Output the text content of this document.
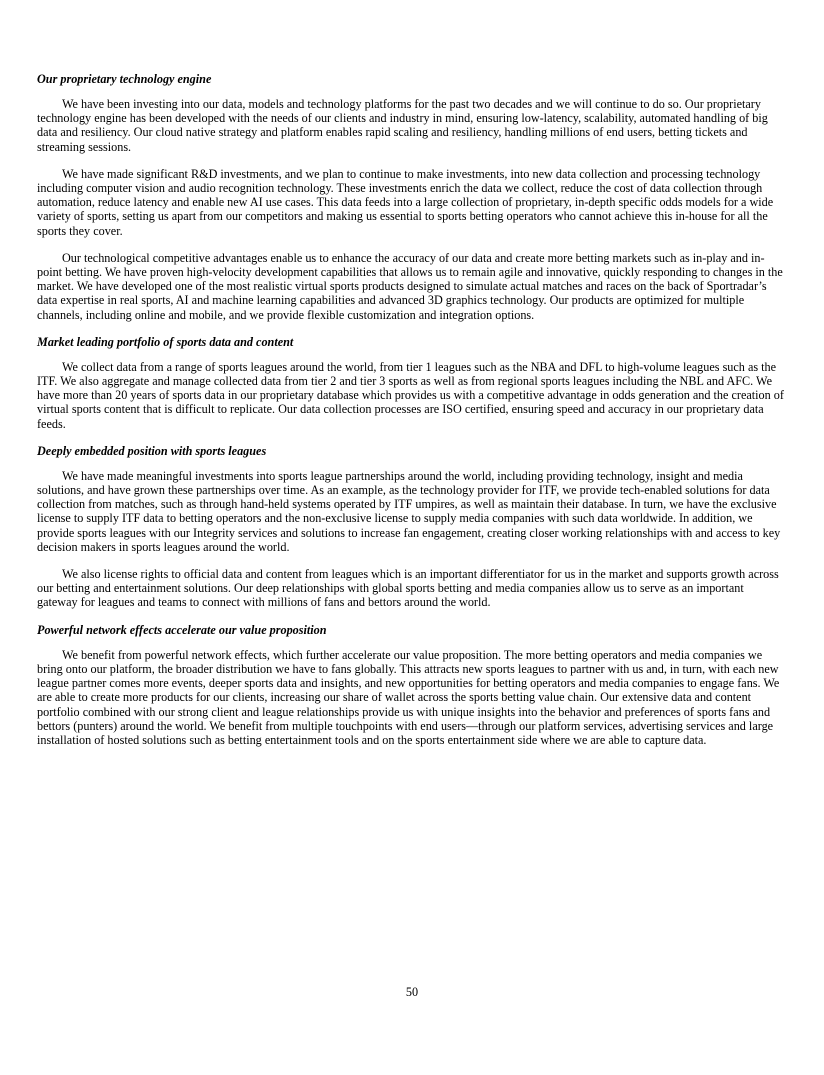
Our proprietary technology engine

We have been investing into our data, models and technology platforms for the past two decades and we will continue to do so. Our proprietary technology engine has been developed with the needs of our clients and industry in mind, ensuring low-latency, scalability, automated handling of big data and resiliency. Our cloud native strategy and platform enables rapid scaling and resiliency, handling millions of end users, betting tickets and streaming sessions.

We have made significant R&D investments, and we plan to continue to make investments, into new data collection and processing technology including computer vision and audio recognition technology. These investments enrich the data we collect, reduce the cost of data collection through automation, reduce latency and enable new AI use cases. This data feeds into a large collection of proprietary, in-depth specific odds models for a wide variety of sports, setting us apart from our competitors and making us essential to sports betting operators who cannot achieve this in-house for all the sports they cover.

Our technological competitive advantages enable us to enhance the accuracy of our data and create more betting markets such as in-play and in-point betting. We have proven high-velocity development capabilities that allows us to remain agile and innovative, quickly responding to changes in the market. We have developed one of the most realistic virtual sports products designed to simulate actual matches and races on the back of Sportradar’s data expertise in real sports, AI and machine learning capabilities and advanced 3D graphics technology. Our products are optimized for multiple channels, including online and mobile, and we provide flexible customization and integration options.

Market leading portfolio of sports data and content

We collect data from a range of sports leagues around the world, from tier 1 leagues such as the NBA and DFL to high-volume leagues such as the ITF. We also aggregate and manage collected data from tier 2 and tier 3 sports as well as from regional sports leagues including the NBL and AFC. We have more than 20 years of sports data in our proprietary database which provides us with a competitive advantage in odds generation and the creation of virtual sports content that is difficult to replicate. Our data collection processes are ISO certified, ensuring speed and accuracy in our proprietary data feeds.

Deeply embedded position with sports leagues

We have made meaningful investments into sports league partnerships around the world, including providing technology, insight and media solutions, and have grown these partnerships over time. As an example, as the technology provider for ITF, we provide tech-enabled solutions for data collection from matches, such as through hand-held systems operated by ITF umpires, as well as maintain their database. In turn, we have the exclusive license to supply ITF data to betting operators and the non-exclusive license to supply media companies with such data worldwide. In addition, we provide sports leagues with our Integrity services and solutions to increase fan engagement, creating closer working relationships with and access to key decision makers in sports leagues around the world.

We also license rights to official data and content from leagues which is an important differentiator for us in the market and supports growth across our betting and entertainment solutions. Our deep relationships with global sports betting and media companies allow us to serve as an important gateway for leagues and teams to connect with millions of fans and bettors around the world.

Powerful network effects accelerate our value proposition

We benefit from powerful network effects, which further accelerate our value proposition. The more betting operators and media companies we bring onto our platform, the broader distribution we have to fans globally. This attracts new sports leagues to partner with us and, in turn, with each new league partner comes more events, deeper sports data and insights, and new opportunities for betting operators and media companies to engage fans. We are able to create more products for our clients, increasing our share of wallet across the sports betting value chain. Our extensive data and content portfolio combined with our strong client and league relationships provide us with unique insights into the behavior and preferences of sports fans and bettors (punters) around the world. We benefit from multiple touchpoints with end users—through our platform services, advertising services and large installation of hosted solutions such as betting entertainment tools and on the sports entertainment side where we are able to capture data.

50
